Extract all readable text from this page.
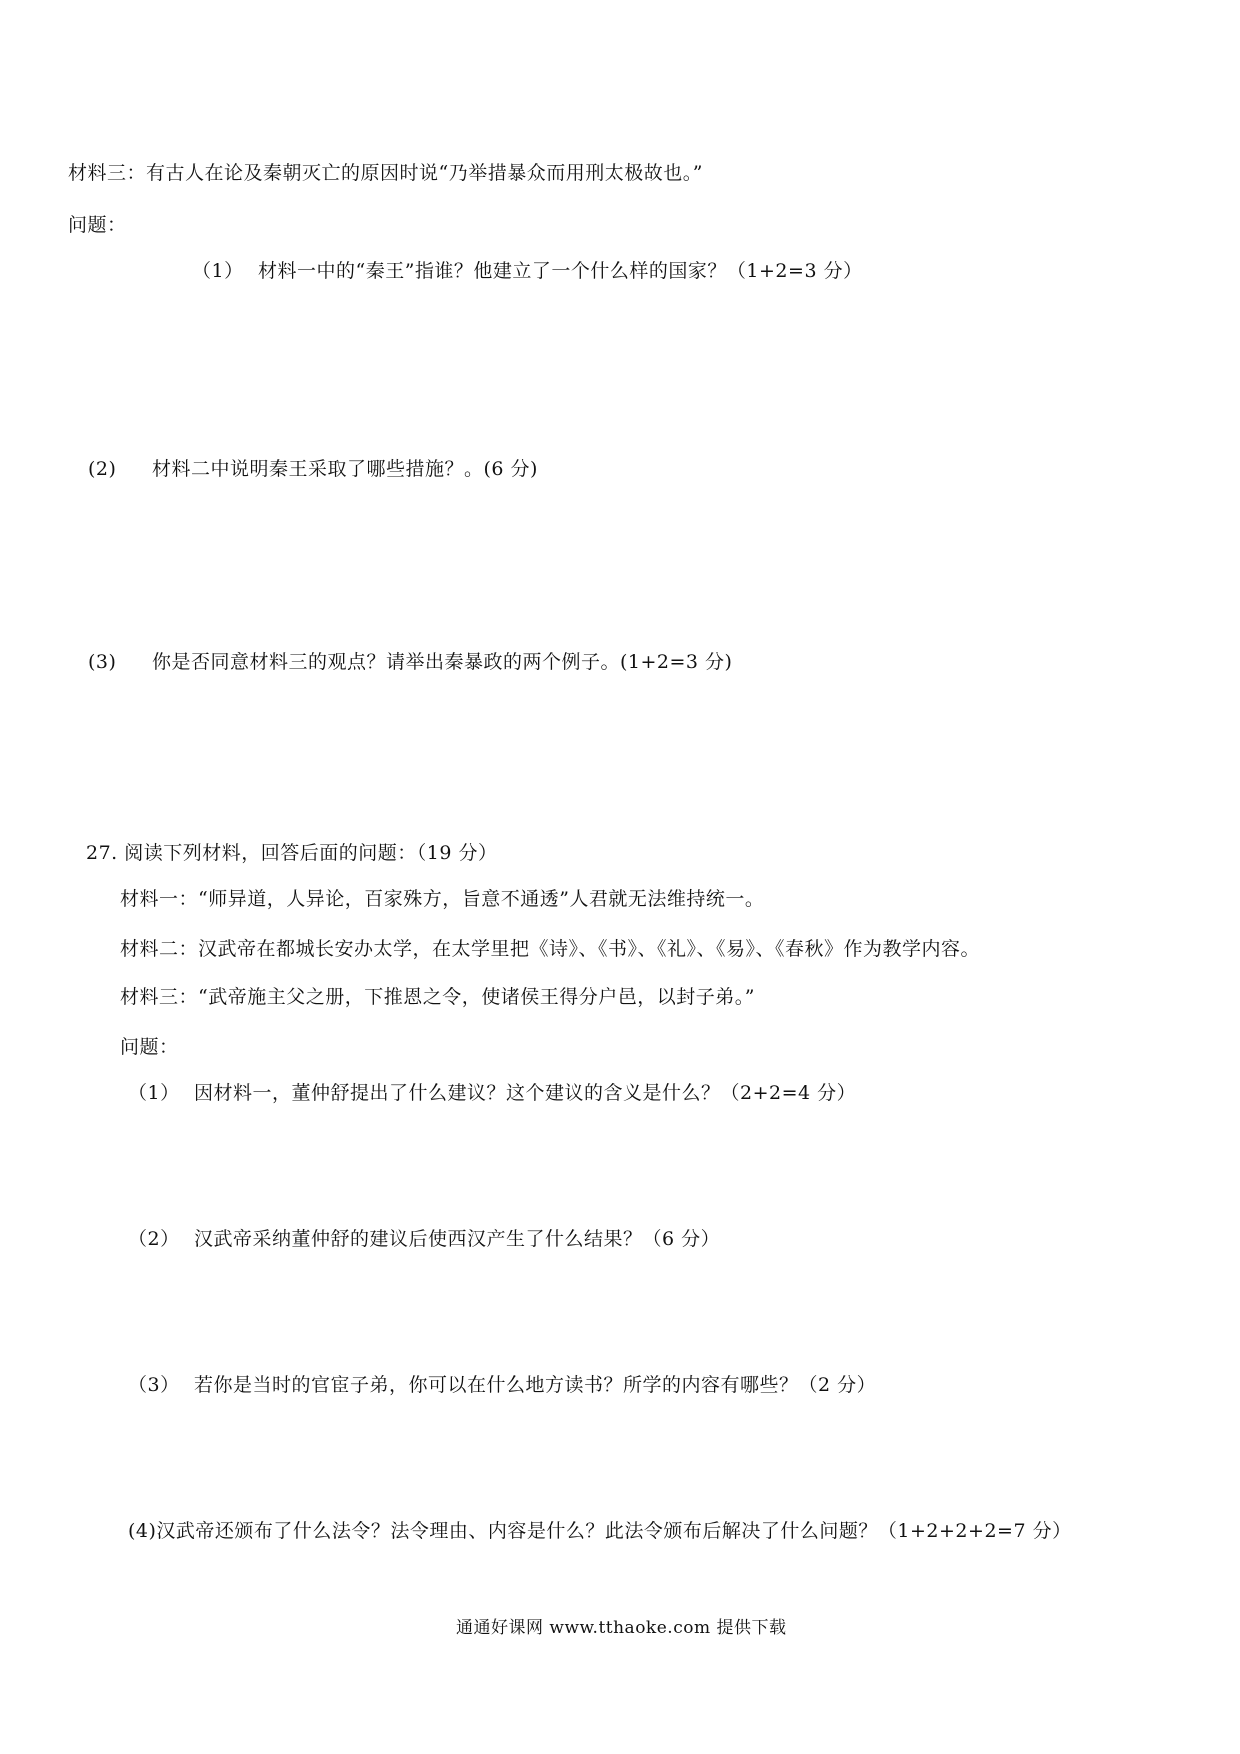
材料三：有古人在论及秦朝灭亡的原因时说“乃举措暴众而用刑太极故也。”
问题：
（1） 材料一中的“秦王”指谁？他建立了一个什么样的国家？（1+2=3 分）
(2) 材料二中说明秦王采取了哪些措施？。(6 分)
(3) 你是否同意材料三的观点？请举出秦暴政的两个例子。(1+2=3 分)
27. 阅读下列材料，回答后面的问题：（19 分）
材料一：“师异道，人异论，百家殊方，旨意不通透”人君就无法维持统一。
材料二：汉武帝在都城长安办太学，在太学里把《诗》、《书》、《礼》、《易》、《春秋》作为教学内容。
材料三：“武帝施主父之册，下推恩之令，使诸侯王得分户邑，以封子弟。”
问题：
（1） 因材料一，董仲舒提出了什么建议？这个建议的含义是什么？（2+2=4 分）
（2） 汉武帝采纳董仲舒的建议后使西汉产生了什么结果？（6 分）
（3） 若你是当时的官宦子弟，你可以在什么地方读书？所学的内容有哪些？（2 分）
(4)汉武帝还颁布了什么法令？法令理由、内容是什么？此法令颁布后解决了什么问题？（1+2+2+2=7 分）
通通好课网 www.tthaoke.com 提供下载
